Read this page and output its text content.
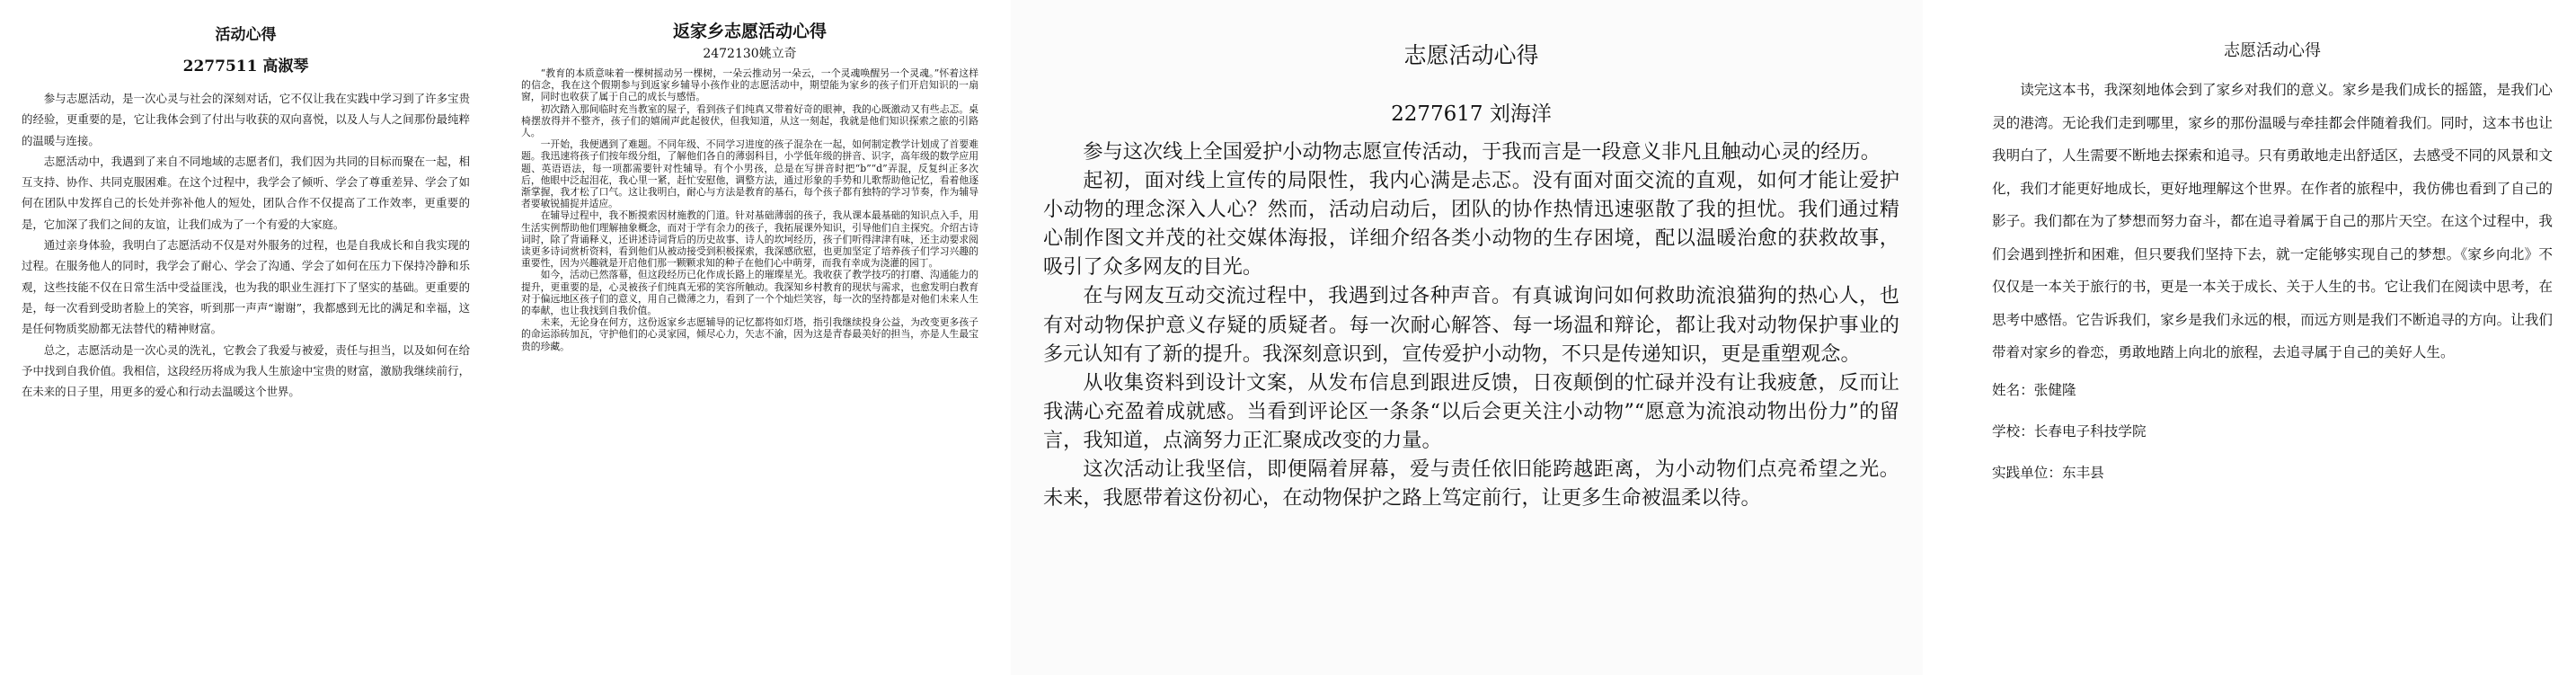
活动心得
2277511 高淑琴

参与志愿活动，是一次心灵与社会的深刻对话，它不仅让我在实践中学习到了许多宝贵的经验，更重要的是，它让我体会到了付出与收获的双向喜悦，以及人与人之间那份最纯粹的温暖与连接。

志愿活动中，我遇到了来自不同地域的志愿者们，我们因为共同的目标而聚在一起，相互支持、协作、共同克服困难。在这个过程中，我学会了倾听、学会了尊重差异、学会了如何在团队中发挥自己的长处并弥补他人的短处，团队合作不仅提高了工作效率，更重要的是，它加深了我们之间的友谊，让我们成为了一个有爱的大家庭。

通过亲身体验，我明白了志愿活动不仅是对外服务的过程，也是自我成长和自我实现的过程。在服务他人的同时，我学会了耐心、学会了沟通、学会了如何在压力下保持冷静和乐观，这些技能不仅在日常生活中受益匪浅，也为我的职业生涯打下了坚实的基础。更重要的是，每一次看到受助者脸上的笑容，听到那一声声“谢谢”，我都感到无比的满足和幸福，这是任何物质奖励都无法替代的精神财富。

总之，志愿活动是一次心灵的洗礼，它教会了我爱与被爱，责任与担当，以及如何在给予中找到自我价值。我相信，这段经历将成为我人生旅途中宝贵的财富，激励我继续前行，在未来的日子里，用更多的爱心和行动去温暖这个世界。

返家乡志愿活动心得
2472130姚立奇

“教育的本质意味着一棵树摇动另一棵树，一朵云推动另一朵云，一个灵魂唤醒另一个灵魂。”怀着这样的信念，我在这个假期参与到返家乡辅导小孩作业的志愿活动中，期望能为家乡的孩子们开启知识的一扇窗，同时也收获了属于自己的成长与感悟。

初次踏入那间临时充当教室的屋子，看到孩子们纯真又带着好奇的眼神，我的心既激动又有些忐忑。桌椅摆放得并不整齐，孩子们的嬉闹声此起彼伏，但我知道，从这一刻起，我就是他们知识探索之旅的引路人。

一开始，我便遇到了难题。不同年级、不同学习进度的孩子混杂在一起，如何制定教学计划成了首要难题。我迅速将孩子们按年级分组，了解他们各自的薄弱科目，小学低年级的拼音、识字，高年级的数学应用题、英语语法，每一项都需要针对性辅导。有个小男孩，总是在写拼音时把“b”“d”弄混，反复纠正多次后，他眼中泛起泪花，我心里一紧，赶忙安慰他，调整方法，通过形象的手势和儿歌帮助他记忆，看着他逐渐掌握，我才松了口气。这让我明白，耐心与方法是教育的基石，每个孩子都有独特的学习节奏，作为辅导者要敏锐捕捉并适应。

在辅导过程中，我不断摸索因材施教的门道。针对基础薄弱的孩子，我从课本最基础的知识点入手，用生活实例帮助他们理解抽象概念，而对于学有余力的孩子，我拓展课外知识，引导他们自主探究。介绍古诗词时，除了背诵释义，还讲述诗词背后的历史故事、诗人的坎坷经历，孩子们听得津津有味，还主动要求阅读更多诗词赏析资料，看到他们从被动接受到积极探索，我深感欣慰，也更加坚定了培养孩子们学习兴趣的重要性，因为兴趣就是开启他们那一颗颗求知的种子在他们心中萌芽，而我有幸成为浇灌的园丁。

如今，活动已然落幕，但这段经历已化作成长路上的璀璨星光。我收获了教学技巧的打磨、沟通能力的提升，更重要的是，心灵被孩子们纯真无邪的笑容所触动。我深知乡村教育的现状与需求，也愈发明白教育对于偏远地区孩子们的意义，用自己微薄之力，看到了一个个灿烂笑容，每一次的坚持都是对他们未来人生的奉献，也让我找到自我价值。

未来，无论身在何方，这份返家乡志愿辅导的记忆都将如灯塔，指引我继续投身公益，为改变更多孩子的命运添砖加瓦，守护他们的心灵家园，倾尽心力，矢志不渝，因为这是青春最美好的担当，亦是人生最宝贵的珍藏。

志愿活动心得
2277617 刘海洋

参与这次线上全国爱护小动物志愿宣传活动，于我而言是一段意义非凡且触动心灵的经历。

起初，面对线上宣传的局限性，我内心满是忐忑。没有面对面交流的直观，如何才能让爱护小动物的理念深入人心？然而，活动启动后，团队的协作热情迅速驱散了我的担忧。我们通过精心制作图文并茂的社交媒体海报，详细介绍各类小动物的生存困境，配以温暖治愈的获救故事，吸引了众多网友的目光。

在与网友互动交流过程中，我遇到过各种声音。有真诚询问如何救助流浪猫狗的热心人，也有对动物保护意义存疑的质疑者。每一次耐心解答、每一场温和辩论，都让我对动物保护事业的多元认知有了新的提升。我深刻意识到，宣传爱护小动物，不只是传递知识，更是重塑观念。

从收集资料到设计文案，从发布信息到跟进反馈，日夜颠倒的忙碌并没有让我疲惫，反而让我满心充盈着成就感。当看到评论区一条条“以后会更关注小动物”“愿意为流浪动物出份力”的留言，我知道，点滴努力正汇聚成改变的力量。

这次活动让我坚信，即便隔着屏幕，爱与责任依旧能跨越距离，为小动物们点亮希望之光。未来，我愿带着这份初心，在动物保护之路上笃定前行，让更多生命被温柔以待。

志愿活动心得

读完这本书，我深刻地体会到了家乡对我们的意义。家乡是我们成长的摇篮，是我们心灵的港湾。无论我们走到哪里，家乡的那份温暖与牵挂都会伴随着我们。同时，这本书也让我明白了，人生需要不断地去探索和追寻。只有勇敢地走出舒适区，去感受不同的风景和文化，我们才能更好地成长，更好地理解这个世界。在作者的旅程中，我仿佛也看到了自己的影子。我们都在为了梦想而努力奋斗，都在追寻着属于自己的那片天空。在这个过程中，我们会遇到挫折和困难，但只要我们坚持下去，就一定能够实现自己的梦想。《家乡向北》不仅仅是一本关于旅行的书，更是一本关于成长、关于人生的书。它让我们在阅读中思考，在思考中感悟。它告诉我们，家乡是我们永远的根，而远方则是我们不断追寻的方向。让我们带着对家乡的眷恋，勇敢地踏上向北的旅程，去追寻属于自己的美好人生。

姓名：张健隆
学校：长春电子科技学院
实践单位：东丰县
